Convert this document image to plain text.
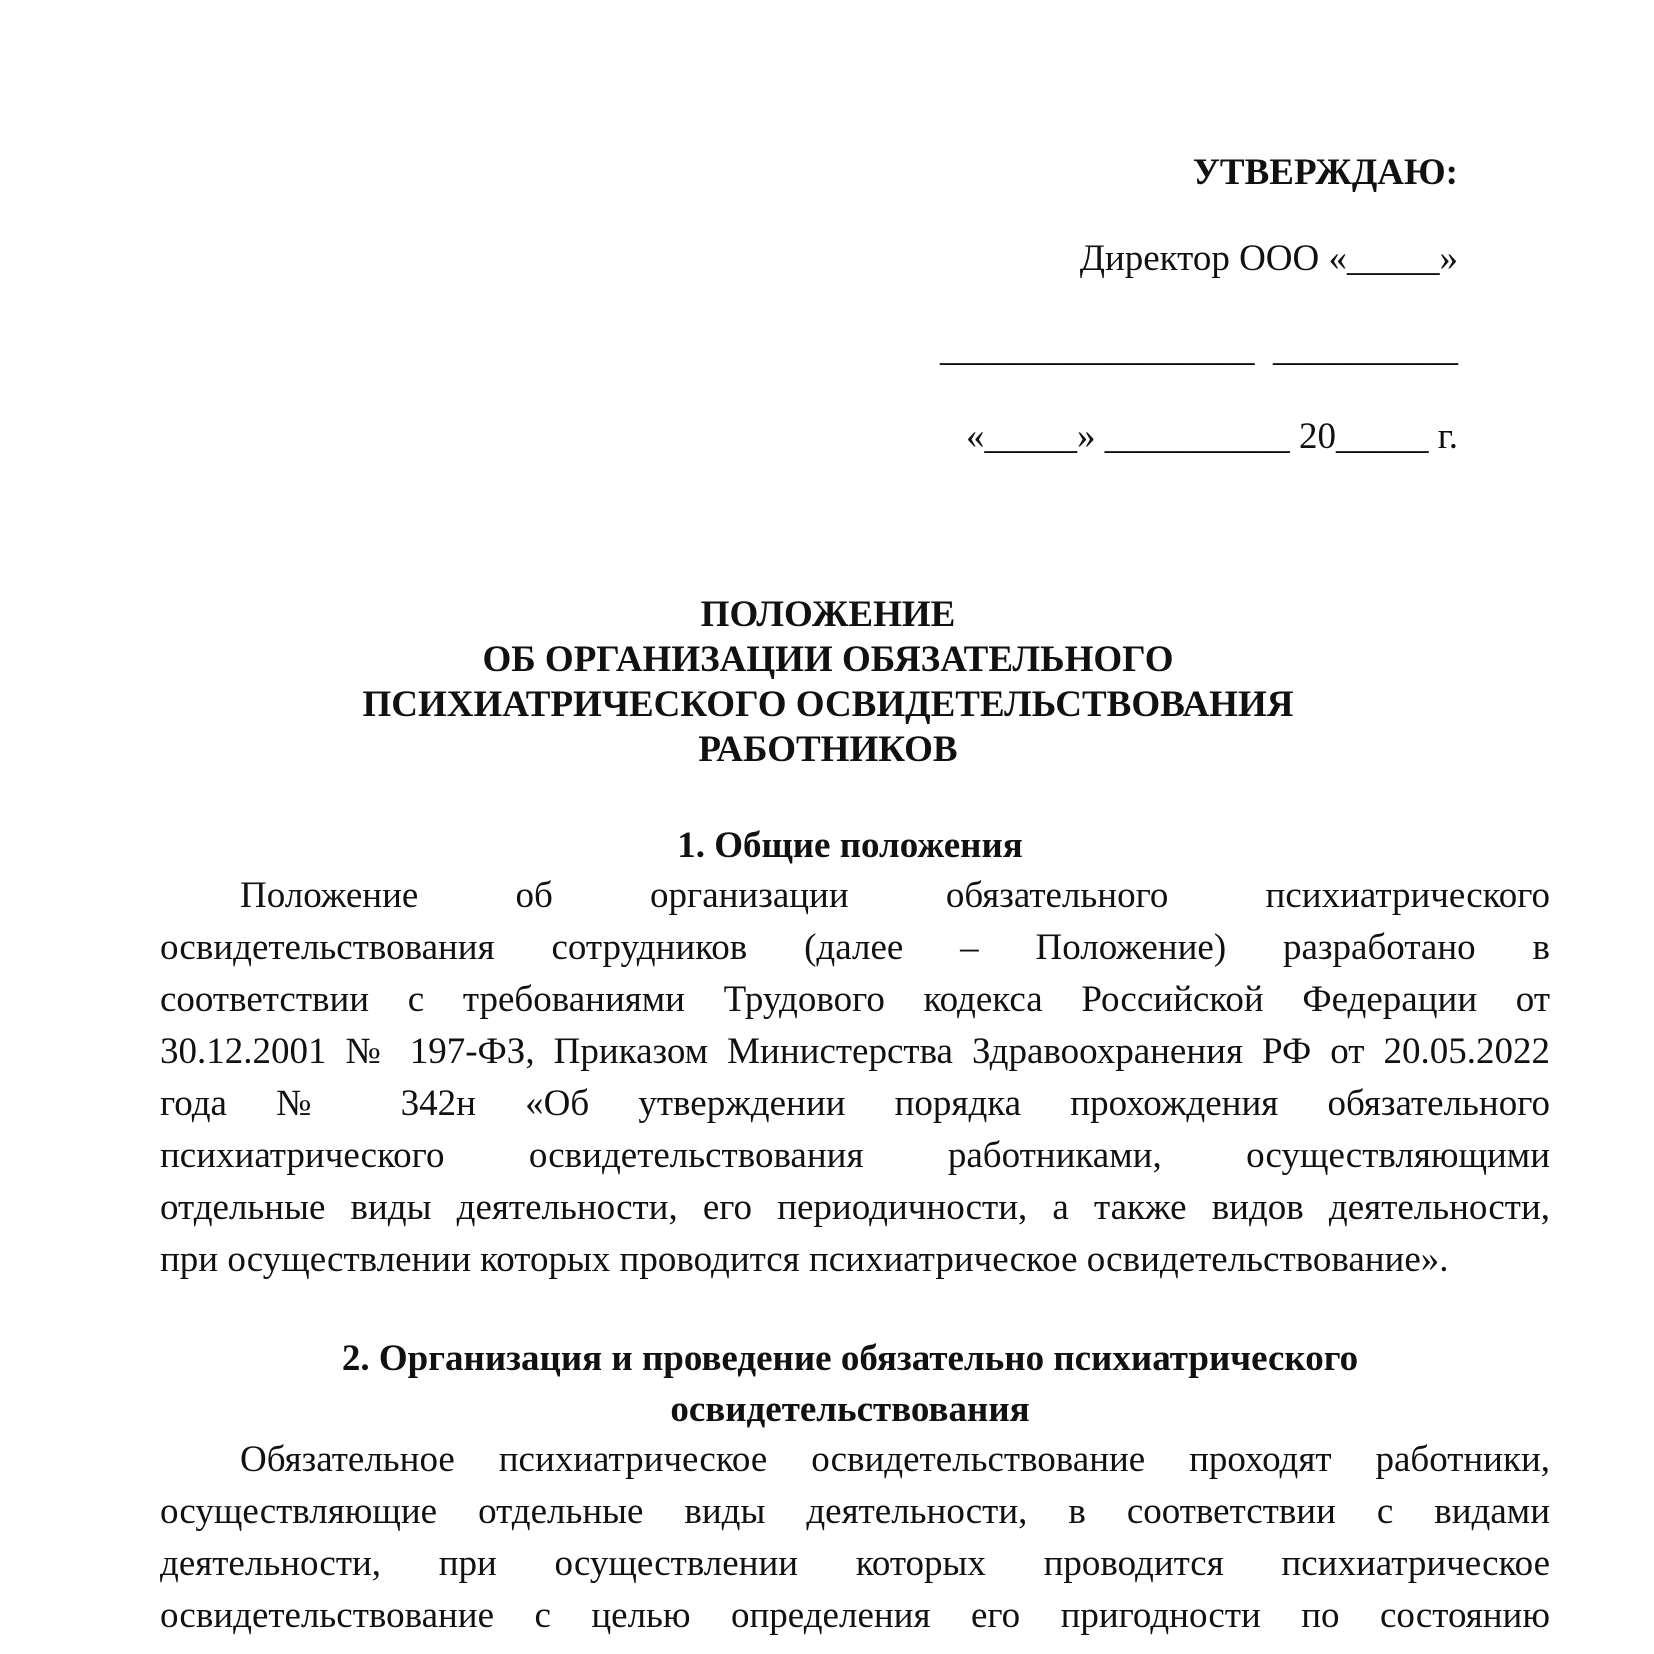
УТВЕРЖДАЮ:
Директор ООО «_____»
_________________  __________
«_____» __________ 20_____ г.
ПОЛОЖЕНИЕ
ОБ ОРГАНИЗАЦИИ ОБЯЗАТЕЛЬНОГО
ПСИХИАТРИЧЕСКОГО ОСВИДЕТЕЛЬСТВОВАНИЯ
РАБОТНИКОВ
1. Общие положения
Положение об организации обязательного психиатрического
освидетельствования сотрудников (далее – Положение) разработано в
соответствии с требованиями Трудового кодекса Российской Федерации от
30.12.2001 № 197-ФЗ, Приказом Министерства Здравоохранения РФ от 20.05.2022
года № 342н «Об утверждении порядка прохождения обязательного
психиатрического освидетельствования работниками, осуществляющими
отдельные виды деятельности, его периодичности, а также видов деятельности,
при осуществлении которых проводится психиатрическое освидетельствование».
2. Организация и проведение обязательно психиатрического
освидетельствования
Обязательное психиатрическое освидетельствование проходят работники,
осуществляющие отдельные виды деятельности, в соответствии с видами
деятельности, при осуществлении которых проводится психиатрическое
освидетельствование с целью определения его пригодности по состоянию
